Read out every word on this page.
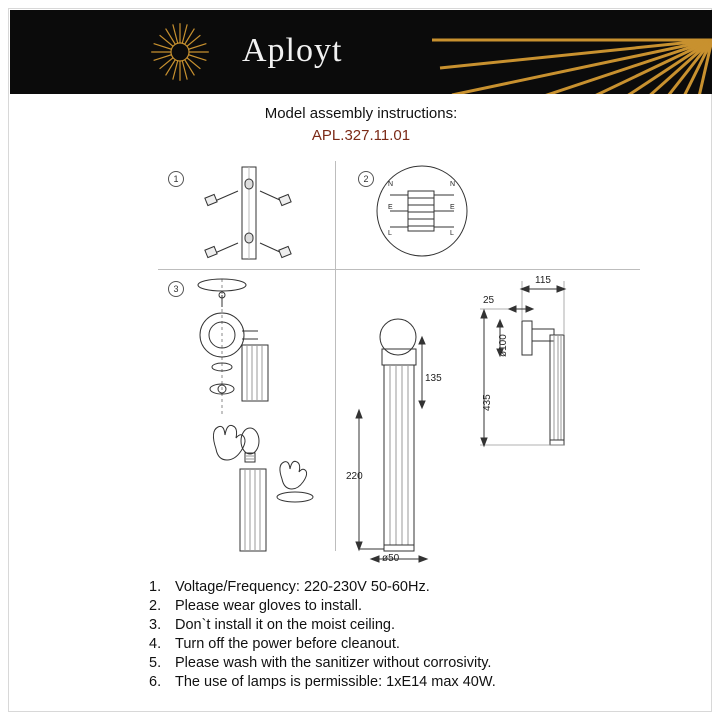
Aployt
Model assembly instructions:
APL.327.11.01
1	2
3
N
E
L
N
E
L
135
220
ø50
115
25
ø100
435
1. Voltage/Frequency: 220-230V 50-60Hz.
2. Please wear gloves to install.
3. Don`t install it on the moist ceiling.
4. Turn off the power before cleanout.
5. Please wash with the sanitizer without corrosivity.
6. The use of lamps is permissible: 1xE14 max 40W.
